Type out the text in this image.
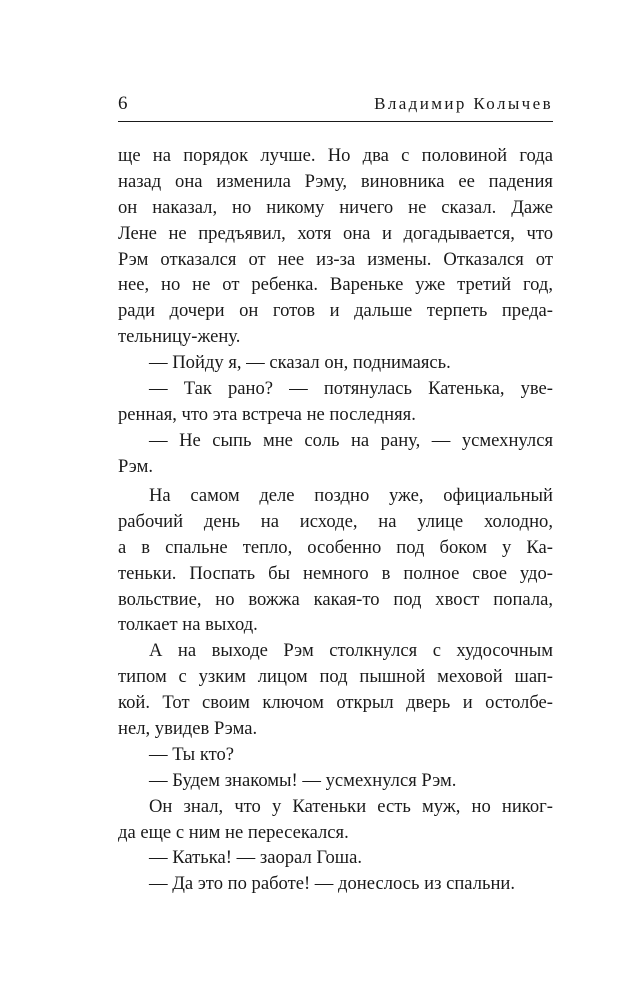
6	Владимир Колычев
ще на порядок лучше. Но два с половиной года
назад она изменила Рэму, виновника ее падения
он наказал, но никому ничего не сказал. Даже
Лене не предъявил, хотя она и догадывается, что
Рэм отказался от нее из-за измены. Отказался от
нее, но не от ребенка. Вареньке уже третий год,
ради дочери он готов и дальше терпеть преда-
тельницу-жену.
— Пойду я, — сказал он, поднимаясь.
— Так рано? — потянулась Катенька, уве-
ренная, что эта встреча не последняя.
— Не сыпь мне соль на рану, — усмехнулся
Рэм.
На самом деле поздно уже, официальный
рабочий день на исходе, на улице холодно,
а в спальне тепло, особенно под боком у Ка-
теньки. Поспать бы немного в полное свое удо-
вольствие, но вожжа какая-то под хвост попала,
толкает на выход.
А на выходе Рэм столкнулся с худосочным
типом с узким лицом под пышной меховой шап-
кой. Тот своим ключом открыл дверь и остолбе-
нел, увидев Рэма.
— Ты кто?
— Будем знакомы! — усмехнулся Рэм.
Он знал, что у Катеньки есть муж, но никог-
да еще с ним не пересекался.
— Катька! — заорал Гоша.
— Да это по работе! — донеслось из спальни.
